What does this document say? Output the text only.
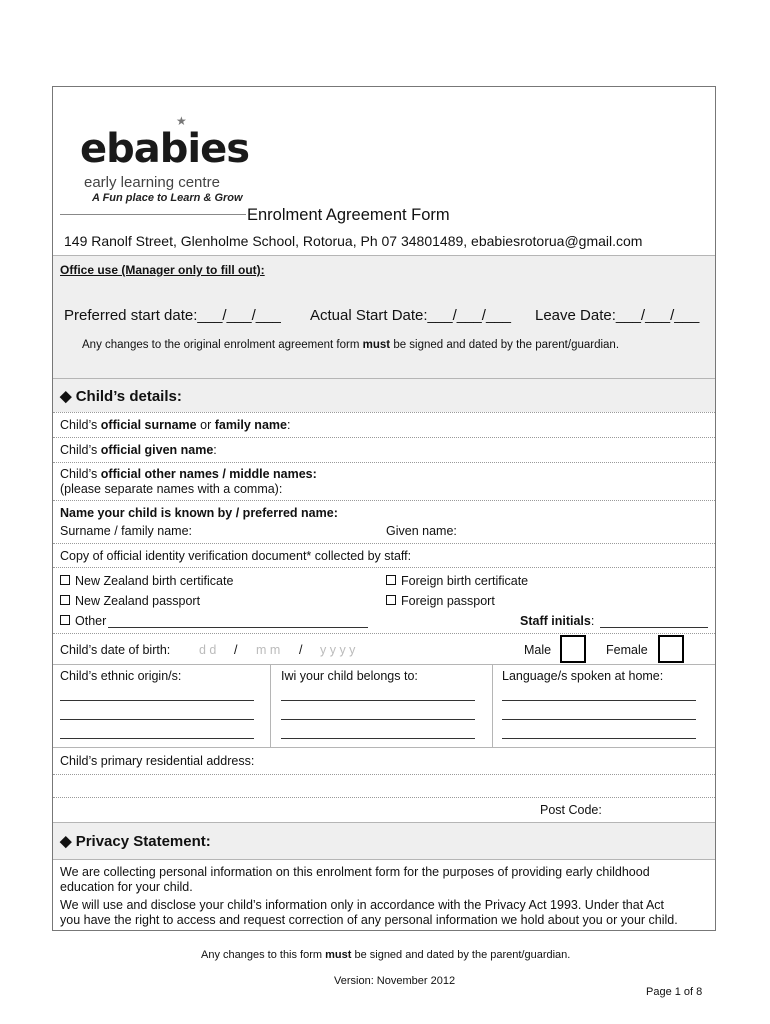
ebabies
★
early learning centre
A Fun place to Learn & Grow
Enrolment Agreement Form
149 Ranolf Street, Glenholme School, Rotorua, Ph 07 34801489, ebabiesrotorua@gmail.com
Office use (Manager only to fill out):
Preferred start date:___/___/___ Actual Start Date:___/___/___ Leave Date:___/___/___
Any changes to the original enrolment agreement form must be signed and dated by the parent/guardian.
◆ Child’s details:
Child’s official surname or family name:
Child’s official given name:
Child’s official other names / middle names:
(please separate names with a comma):
Name your child is known by / preferred name:
Surname / family name:	Given name:
Copy of official identity verification document* collected by staff:
New Zealand birth certificate	Foreign birth certificate
New Zealand passport	Foreign passport
Other	Staff initials:
Child’s date of birth: d d / m m / y y y y	Male	Female
Child’s ethnic origin/s:	Iwi your child belongs to:	Language/s spoken at home:
Child’s primary residential address:
Post Code:
◆ Privacy Statement:
We are collecting personal information on this enrolment form for the purposes of providing early childhood
education for your child.
We will use and disclose your child’s information only in accordance with the Privacy Act 1993. Under that Act
you have the right to access and request correction of any personal information we hold about you or your child.
Any changes to this form must be signed and dated by the parent/guardian.
Version: November 2012
Page 1 of 8
